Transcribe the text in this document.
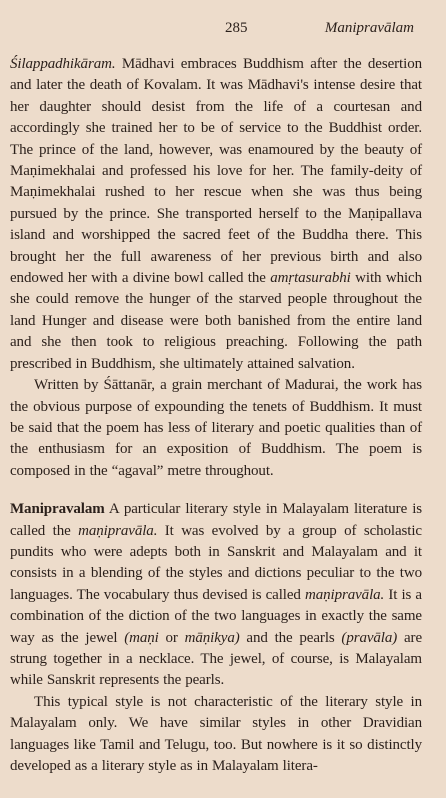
285	Manipravālam

Śilappadhikāram. Mādhavi embraces Buddhism after the desertion and later the death of Kovalam. It was Mādhavi's intense desire that her daughter should desist from the life of a courtesan and accordingly she trained her to be of service to the Buddhist order. The prince of the land, however, was enamoured by the beauty of Maṇimekhalai and professed his love for her. The family-deity of Maṇimekhalai rushed to her rescue when she was thus being pursued by the prince. She transported herself to the Maṇipallava island and worshipped the sacred feet of the Buddha there. This brought her the full awareness of her previous birth and also endowed her with a divine bowl called the amṛtasurabhi with which she could remove the hunger of the starved people throughout the land Hunger and disease were both banished from the entire land and she then took to religious preaching. Following the path prescribed in Buddhism, she ultimately attained salvation.

Written by Śāttanār, a grain merchant of Madurai, the work has the obvious purpose of expounding the tenets of Buddhism. It must be said that the poem has less of literary and poetic qualities than of the enthusiasm for an exposition of Buddhism. The poem is composed in the “agaval” metre throughout.

Manipravalam A particular literary style in Malayalam literature is called the maṇipravāla. It was evolved by a group of scholastic pundits who were adepts both in Sanskrit and Malayalam and it consists in a blending of the styles and dictions peculiar to the two languages. The vocabulary thus devised is called maṇipravāla. It is a combination of the diction of the two languages in exactly the same way as the jewel (maṇi or māṇikya) and the pearls (pravāla) are strung together in a necklace. The jewel, of course, is Malayalam while Sanskrit represents the pearls.

This typical style is not characteristic of the literary style in Malayalam only. We have similar styles in other Dravidian languages like Tamil and Telugu, too. But nowhere is it so distinctly developed as a literary style as in Malayalam litera-
